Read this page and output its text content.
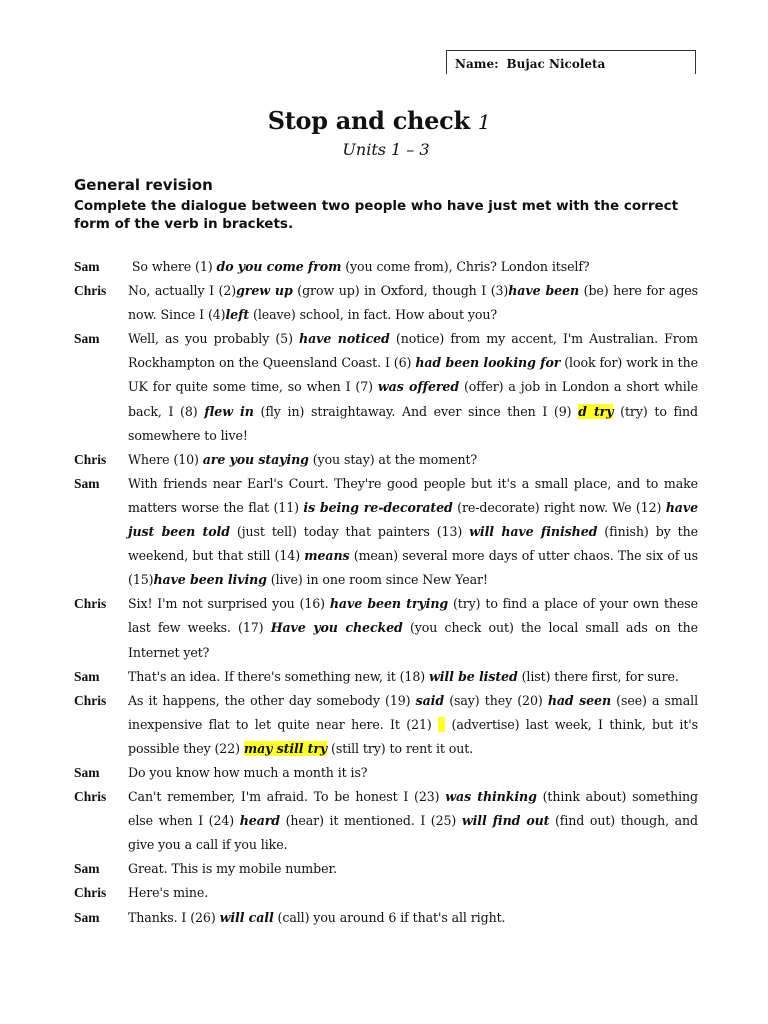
Name: Bujac Nicoleta
Stop and check 1
Units 1 – 3
General revision
Complete the dialogue between two people who have just met with the correct form of the verb in brackets.
Sam	So where (1) do you come from (you come from), Chris? London itself?
Chris	No, actually I (2)grew up (grow up) in Oxford, though I (3)have been (be) here for ages now. Since I (4)left (leave) school, in fact. How about you?
Sam	Well, as you probably (5) have noticed (notice) from my accent, I'm Australian. From Rockhampton on the Queensland Coast. I (6) had been looking for (look for) work in the UK for quite some time, so when I (7) was offered (offer) a job in London a short while back, I (8) flew in (fly in) straightaway. And ever since then I (9) d try (try) to find somewhere to live!
Chris	Where (10) are you staying (you stay) at the moment?
Sam	With friends near Earl's Court. They're good people but it's a small place, and to make matters worse the flat (11) is being re-decorated (re-decorate) right now. We (12) have just been told (just tell) today that painters (13) will have finished (finish) by the weekend, but that still (14) means (mean) several more days of utter chaos. The six of us (15)have been living (live) in one room since New Year!
Chris	Six! I'm not surprised you (16) have been trying (try) to find a place of your own these last few weeks. (17) Have you checked (you check out) the local small ads on the Internet yet?
Sam	That's an idea. If there's something new, it (18) will be listed (list) there first, for sure.
Chris	As it happens, the other day somebody (19) said (say) they (20) had seen (see) a small inexpensive flat to let quite near here. It (21)  (advertise) last week, I think, but it's possible they (22) may still try (still try) to rent it out.
Sam	Do you know how much a month it is?
Chris	Can't remember, I'm afraid. To be honest I (23) was thinking (think about) something else when I (24) heard (hear) it mentioned. I (25) will find out (find out) though, and give you a call if you like.
Sam	Great. This is my mobile number.
Chris	Here's mine.
Sam	Thanks. I (26) will call (call) you around 6 if that's all right.
